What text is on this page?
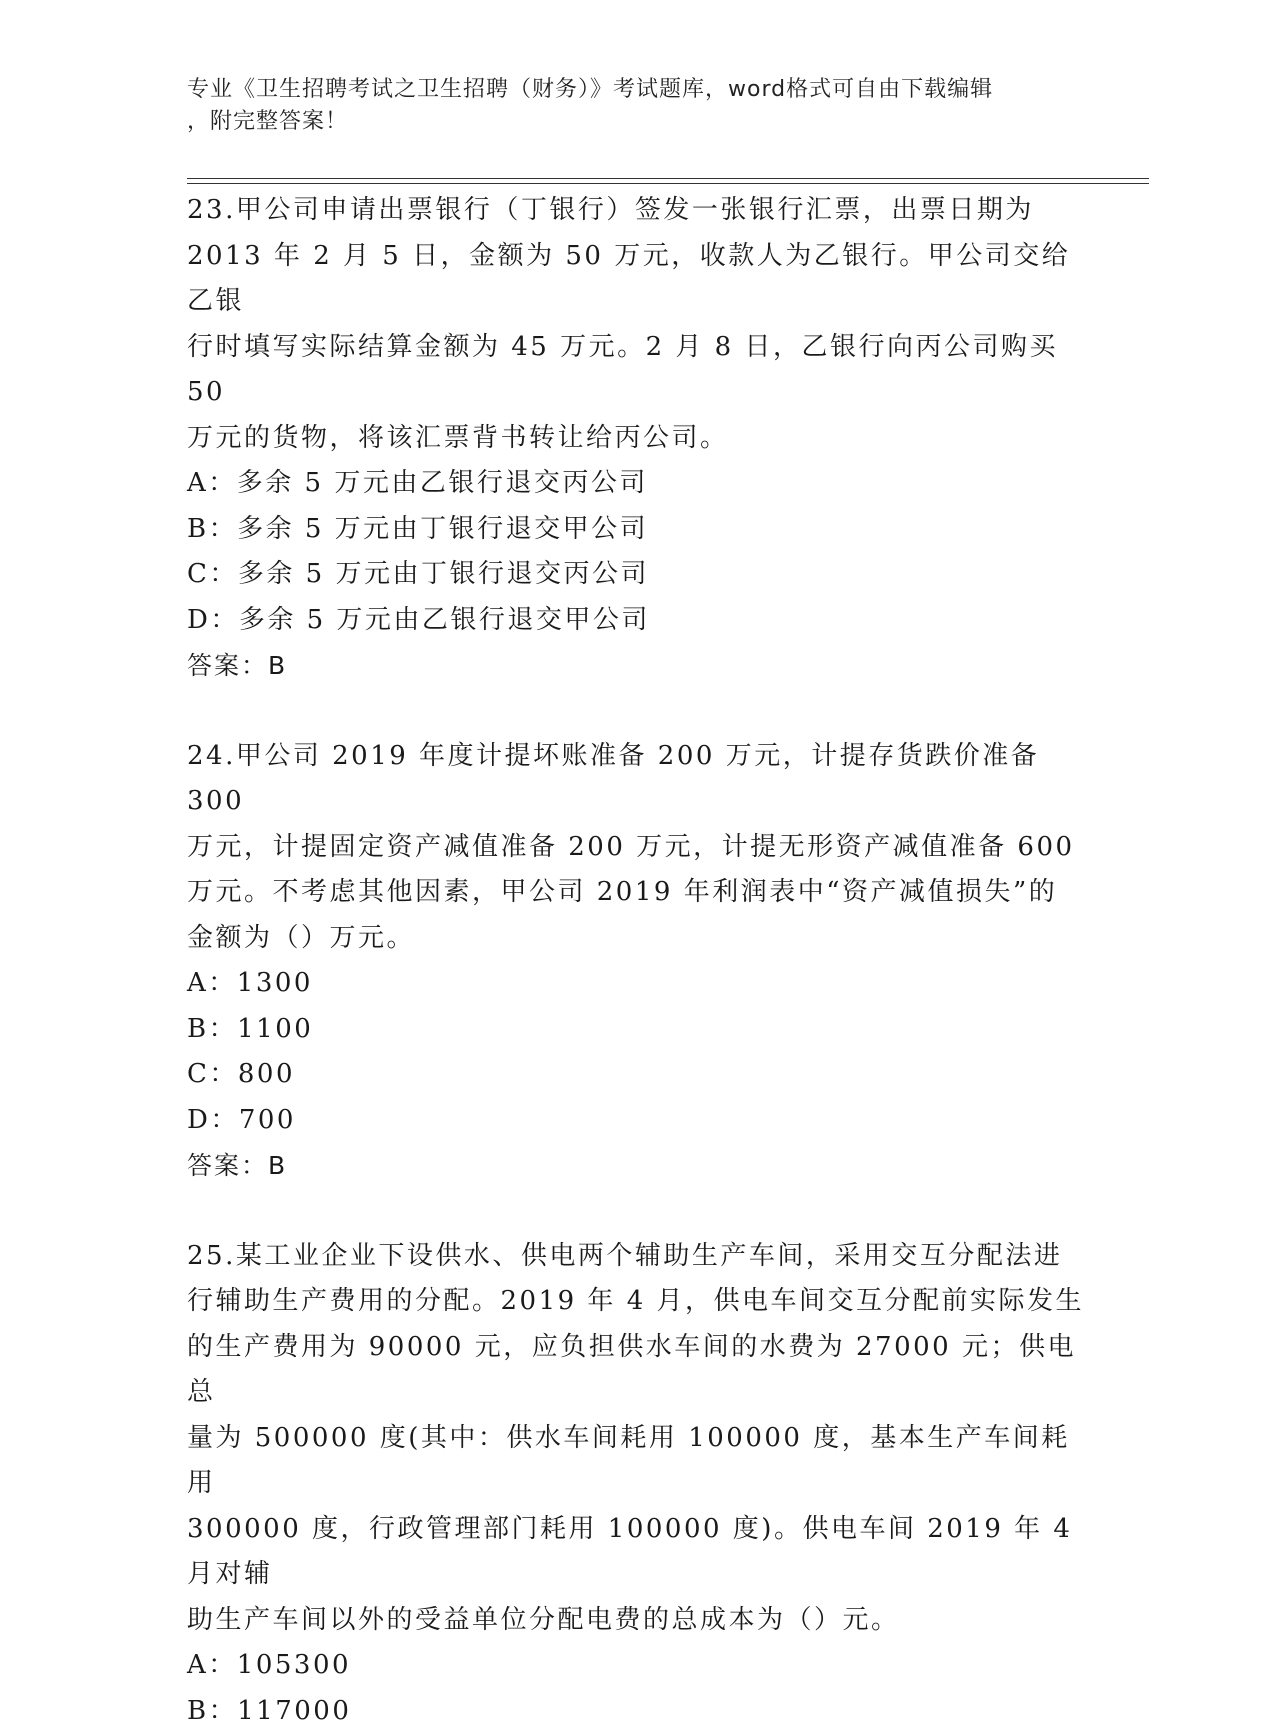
专业《卫生招聘考试之卫生招聘（财务）》考试题库，word格式可自由下载编辑
，附完整答案！

23.甲公司申请出票银行（丁银行）签发一张银行汇票，出票日期为

2013 年 2 月 5 日，金额为 50 万元，收款人为乙银行。甲公司交给乙银

行时填写实际结算金额为 45 万元。2 月 8 日，乙银行向丙公司购买 50

万元的货物，将该汇票背书转让给丙公司。

A：多余 5 万元由乙银行退交丙公司

B：多余 5 万元由丁银行退交甲公司

C：多余 5 万元由丁银行退交丙公司

D：多余 5 万元由乙银行退交甲公司

答案：B

24.甲公司 2019 年度计提坏账准备 200 万元，计提存货跌价准备 300

万元，计提固定资产减值准备 200 万元，计提无形资产减值准备 600

万元。不考虑其他因素，甲公司 2019 年利润表中“资产减值损失”的

金额为（）万元。

A：1300

B：1100

C：800

D：700

答案：B

25.某工业企业下设供水、供电两个辅助生产车间，采用交互分配法进

行辅助生产费用的分配。2019 年 4 月，供电车间交互分配前实际发生

的生产费用为 90000 元，应负担供水车间的水费为 27000 元；供电总

量为 500000 度(其中：供水车间耗用 100000 度，基本生产车间耗用

300000 度，行政管理部门耗用 100000 度)。供电车间 2019 年 4 月对辅

助生产车间以外的受益单位分配电费的总成本为（）元。

A：105300

B：117000
